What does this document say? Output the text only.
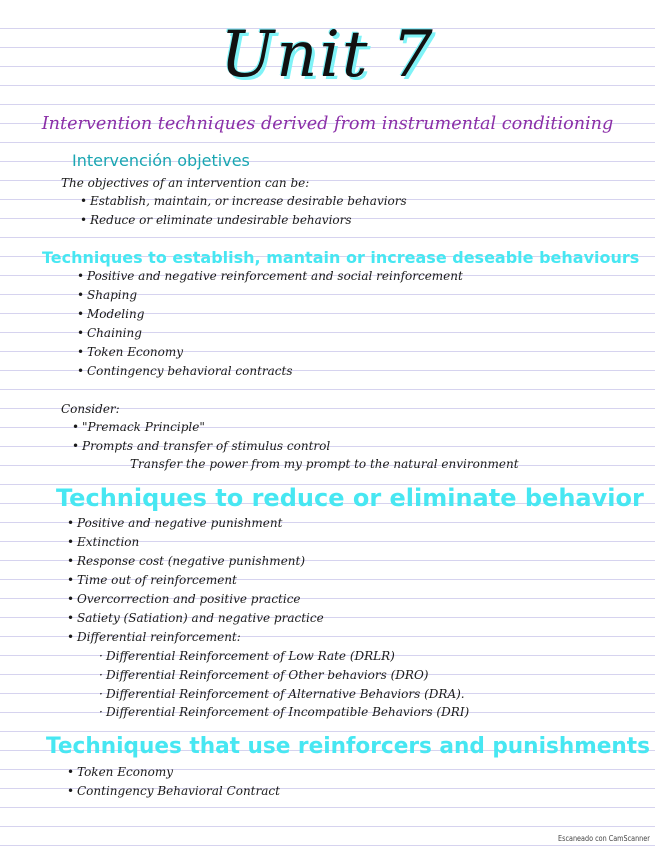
Unit 7
Intervention techniques derived from instrumental conditioning
Intervención objetives
The objectives of an intervention can be:
• Establish, maintain, or increase desirable behaviors
• Reduce or eliminate undesirable behaviors
Techniques to establish, mantain or increase deseable behaviours
• Positive and negative reinforcement and social reinforcement
• Shaping
• Modeling
• Chaining
• Token Economy
• Contingency behavioral contracts
Consider:
• "Premack Principle"
• Prompts and transfer of stimulus control
Transfer the power from my prompt to the natural environment
Techniques to reduce or eliminate behavior
• Positive and negative punishment
• Extinction
• Response cost (negative punishment)
• Time out of reinforcement
• Overcorrection and positive practice
• Satiety (Satiation) and negative practice
• Differential reinforcement:
· Differential Reinforcement of Low Rate (DRLR)
· Differential Reinforcement of Other behaviors (DRO)
· Differential Reinforcement of Alternative Behaviors (DRA).
· Differential Reinforcement of Incompatible Behaviors (DRI)
Techniques that use reinforcers and punishments
• Token Economy
• Contingency Behavioral Contract
Escaneado con CamScanner
